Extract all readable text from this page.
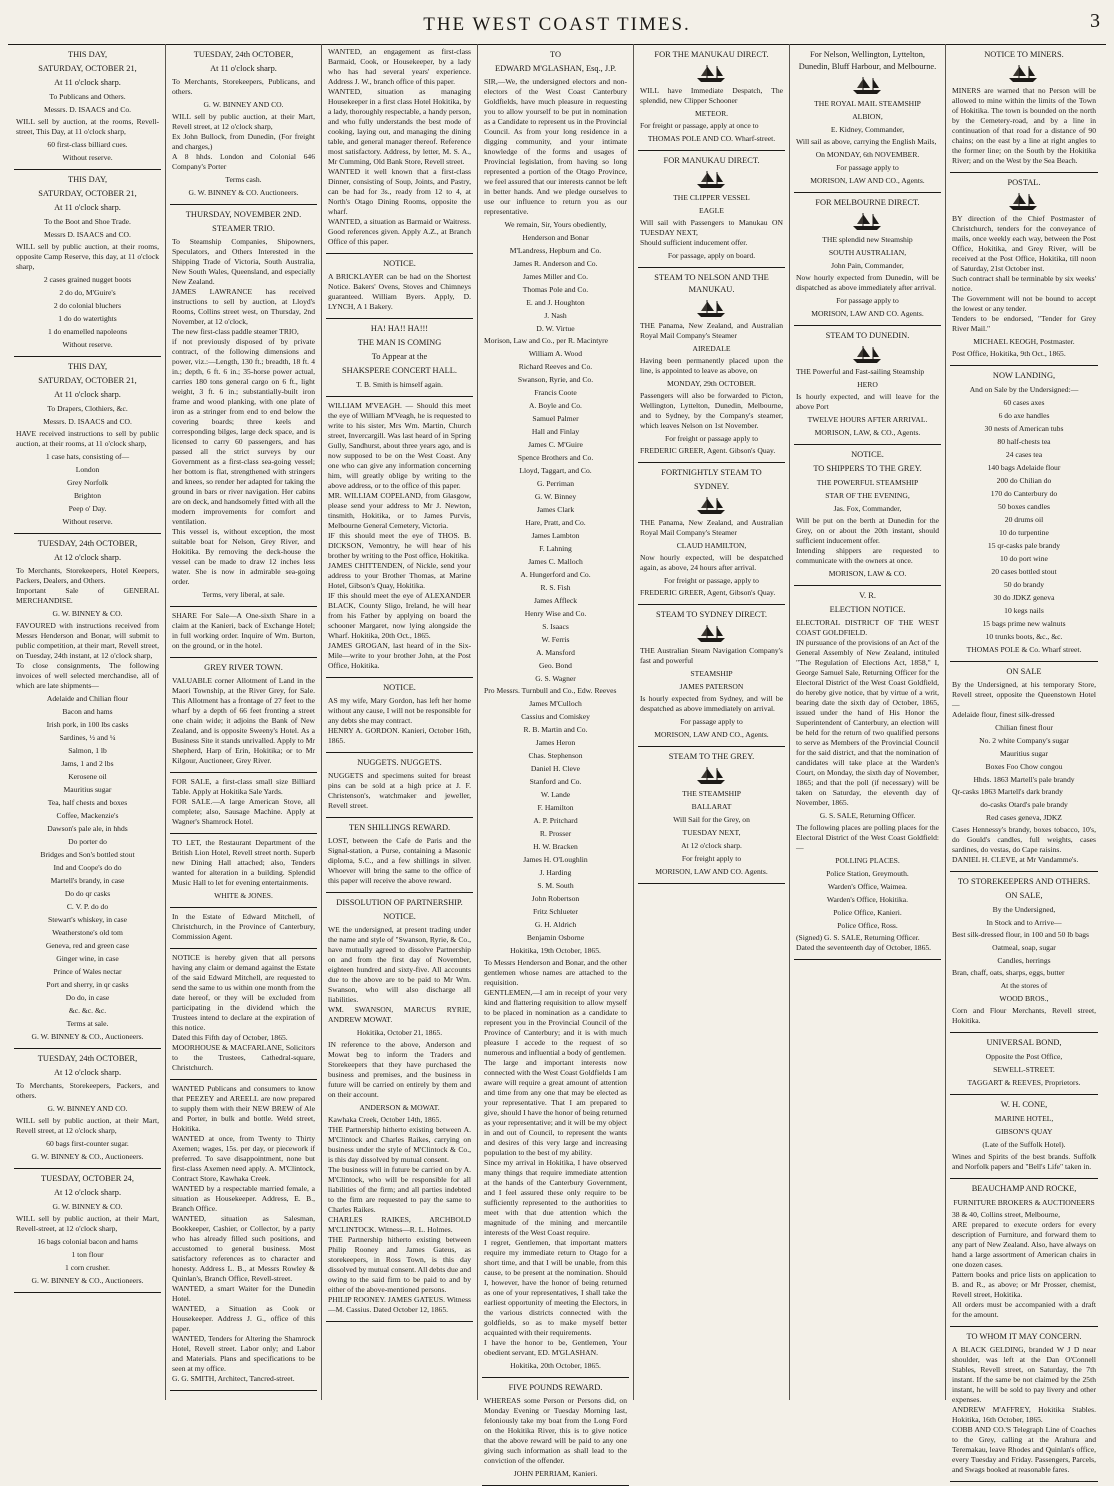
THE WEST COAST TIMES.	3
THIS DAY,
SATURDAY, OCTOBER 21,
At 11 o'clock sharp.
To Publicans and Others.
Messrs. D. ISAACS and Co.
WILL sell by auction, at the rooms, Revell-street, This Day, at 11 o'clock sharp,
60 first-class billiard cues.
Without reserve.
THIS DAY,
SATURDAY, OCTOBER 21,
At 11 o'clock sharp.
To the Boot and Shoe Trade.
Messrs D. ISAACS and CO.
WILL sell by public auction, at their rooms, opposite Camp Reserve, this day, at 11 o'clock sharp,
2 cases grained nugget boots
2 do do, M'Guire's
2 do colonial bluchers
1 do do watertights
1 do enamelled napoleons
Without reserve.
THIS DAY,
SATURDAY, OCTOBER 21,
At 11 o'clock sharp.
To Drapers, Clothiers, &c.
Messrs. D. ISAACS and CO.
HAVE received instructions to sell by public auction, at their rooms, at 11 o'clock sharp,
1 case hats, consisting of—
London
Grey Norfolk
Brighton
Peep o' Day.
Without reserve.
TUESDAY, 24th OCTOBER,
At 12 o'clock sharp.
To Merchants, Storekeepers, Hotel Keepers, Packers, Dealers, and Others.
Important Sale of GENERAL MERCHANDISE.
G. W. BINNEY & CO.
FAVOURED with instructions received from Messrs Henderson and Bonar, will submit to public competition, at their mart, Revell street, on Tuesday, 24th instant, at 12 o'clock sharp,
To close consignments, The following invoices of well selected merchandise, all of which are late shipments—
Adelaide and Chilian flour
Bacon and hams
Irish pork, in 100 lbs casks
Sardines, ½ and ¼
Salmon, 1 lb
Jams, 1 and 2 lbs
Kerosene oil
Mauritius sugar
Tea, half chests and boxes
Coffee, Mackenzie's
Dawson's pale ale, in hhds
Do porter do
Bridges and Son's bottled stout
Ind and Coope's do do
Martell's brandy, in case
Do do qr casks
C. V. P. do do
Stewart's whiskey, in case
Weatherstone's old tom
Geneva, red and green case
Ginger wine, in case
Prince of Wales nectar
Port and sherry, in qr casks
Do do, in case
&c. &c. &c.
Terms at sale.
G. W. BINNEY & CO., Auctioneers.
TUESDAY, 24th OCTOBER,
At 12 o'clock sharp.
To Merchants, Storekeepers, Packers, and others.
G. W. BINNEY AND CO.
WILL sell by public auction, at their Mart, Revell street, at 12 o'clock sharp,
60 bags first-counter sugar.
G. W. BINNEY & CO., Auctioneers.
TUESDAY, OCTOBER 24,
At 12 o'clock sharp.
G. W. BINNEY & CO.
WILL sell by public auction, at their Mart, Revell-street, at 12 o'clock sharp,
16 bags colonial bacon and hams
1 ton flour
1 corn crusher.
G. W. BINNEY & CO., Auctioneers.
TUESDAY, 24th OCTOBER,
At 11 o'clock sharp.
To Merchants, Storekeepers, Publicans, and others.
G. W. BINNEY AND CO.
WILL sell by public auction, at their Mart, Revell street, at 12 o'clock sharp,
Ex John Bullock, from Dunedin, (For freight and charges,)
A 8 hhds. London and Colonial 646 Company's Porter
Terms cash.
G. W. BINNEY & CO. Auctioneers.
THURSDAY, NOVEMBER 2ND.
STEAMER TRIO.
To Steamship Companies, Shipowners, Speculators, and Others Interested in the Shipping Trade of Victoria, South Australia, New South Wales, Queensland, and especially New Zealand.
JAMES LAWRANCE has received instructions to sell by auction, at Lloyd's Rooms, Collins street west, on Thursday, 2nd November, at 12 o'clock,
The new first-class paddle steamer TRIO,
if not previously disposed of by private contract, of the following dimensions and power, viz.:—Length, 130 ft.; breadth, 18 ft. 4 in.; depth, 6 ft. 6 in.; 35-horse power actual, carries 180 tons general cargo on 6 ft., light weight, 3 ft. 6 in.; substantially-built iron frame and wood planking, with one plate of iron as a stringer from end to end below the covering boards; three keels and corresponding bilges, large deck space, and is licensed to carry 60 passengers, and has passed all the strict surveys by our Government as a first-class sea-going vessel; her bottom is flat, strengthened with stringers and knees, so render her adapted for taking the ground in bars or river navigation. Her cabins are on deck, and handsomely fitted with all the modern improvements for comfort and ventilation.
This vessel is, without exception, the most suitable boat for Nelson, Grey River, and Hokitika. By removing the deck-house the vessel can be made to draw 12 inches less water. She is now in admirable sea-going order.
Terms, very liberal, at sale.
SHARE For Sale—A One-sixth Share in a claim at the Kanieri, back of Exchange Hotel; in full working order. Inquire of Wm. Burton, on the ground, or in the hotel.
GREY RIVER TOWN.
VALUABLE corner Allotment of Land in the Maori Township, at the River Grey, for Sale. This Allotment has a frontage of 27 feet to the wharf by a depth of 66 feet fronting a street one chain wide; it adjoins the Bank of New Zealand, and is opposite Sweeny's Hotel. As a Business Site it stands unrivalled. Apply to Mr Shepherd, Harp of Erin, Hokitika; or to Mr Kilgour, Auctioneer, Grey River.
FOR SALE, a first-class small size Billiard Table. Apply at Hokitika Sale Yards.
FOR SALE.—A large American Stove, all complete; also, Sausage Machine. Apply at Wagner's Shamrock Hotel.
TO LET, the Restaurant Department of the British Lion Hotel, Revell street north. Superb new Dining Hall attached; also, Tenders wanted for alteration in a building. Splendid Music Hall to let for evening entertainments.
WHITE & JONES.
In the Estate of Edward Mitchell, of Christchurch, in the Province of Canterbury, Commission Agent.
NOTICE is hereby given that all persons having any claim or demand against the Estate of the said Edward Mitchell, are requested to send the same to us within one month from the date hereof, or they will be excluded from participating in the dividend which the Trustees intend to declare at the expiration of this notice.
Dated this Fifth day of October, 1865.
MOORHOUSE & MACFARLANE, Solicitors to the Trustees, Cathedral-square, Christchurch.
WANTED Publicans and consumers to know that PEEZEY and AREELL are now prepared to supply them with their NEW BREW of Ale and Porter, in bulk and bottle. Weld street, Hokitika.
WANTED at once, from Twenty to Thirty Axemen; wages, 15s. per day, or piecework if preferred. To save disappointment, none but first-class Axemen need apply. A. M'Clintock, Contract Store, Kawhaka Creek.
WANTED by a respectable married female, a situation as Housekeeper. Address, E. B., Branch Office.
WANTED, situation as Salesman, Bookkeeper, Cashier, or Collector, by a party who has already filled such positions, and accustomed to general business. Most satisfactory references as to character and honesty. Address L. B., at Messrs Rowley & Quinlan's, Branch Office, Revell-street.
WANTED, a smart Waiter for the Dunedin Hotel.
WANTED, a Situation as Cook or Housekeeper. Address J. G., office of this paper.
WANTED, Tenders for Altering the Shamrock Hotel, Revell street. Labor only; and Labor and Materials. Plans and specifications to be seen at my office.
G. G. SMITH, Architect, Tancred-street.
WANTED, an engagement as first-class Barmaid, Cook, or Housekeeper, by a lady who has had several years' experience. Address J. W., branch office of this paper.
WANTED, situation as managing Housekeeper in a first class Hotel Hokitika, by a lady, thoroughly respectable, a handy person, and who fully understands the best mode of cooking, laying out, and managing the dining table, and general manager thereof. Reference most satisfactory. Address, by letter, M. S. A., Mr Cumming, Old Bank Store, Revell street.
WANTED it well known that a first-class Dinner, consisting of Soup, Joints, and Pastry, can be had for 3s., ready from 12 to 4, at North's Otago Dining Rooms, opposite the wharf.
WANTED, a situation as Barmaid or Waitress. Good references given. Apply A.Z., at Branch Office of this paper.
NOTICE.
A BRICKLAYER can be had on the Shortest Notice. Bakers' Ovens, Stoves and Chimneys guaranteed. William Byers. Apply, D. LYNCH, A 1 Bakery.
HA! HA!! HA!!!
THE MAN IS COMING
To Appear at the
SHAKSPERE CONCERT HALL.
T. B. Smith is himself again.
WILLIAM M'VEAGH. — Should this meet the eye of William M'Veagh, he is requested to write to his sister, Mrs Wm. Martin, Church street, Invercargill. Was last heard of in Spring Gully, Sandhurst, about three years ago, and is now supposed to be on the West Coast. Any one who can give any information concerning him, will greatly oblige by writing to the above address, or to the office of this paper.
MR. WILLIAM COPELAND, from Glasgow, please send your address to Mr J. Newton, tinsmith, Hokitika, or to James Purvis, Melbourne General Cemetery, Victoria.
IF this should meet the eye of THOS. B. DICKSON, Vemontry, he will hear of his brother by writing to the Post office, Hokitika.
JAMES CHITTENDEN, of Nickle, send your address to your Brother Thomas, at Marine Hotel, Gibson's Quay, Hokitika.
IF this should meet the eye of ALEXANDER BLACK, County Sligo, Ireland, he will hear from his Father by applying on board the schooner Margaret, now lying alongside the Wharf. Hokitika, 20th Oct., 1865.
JAMES GROGAN, last heard of in the Six-Mile—write to your brother John, at the Post Office, Hokitika.
NOTICE.
AS my wife, Mary Gordon, has left her home without any cause, I will not be responsible for any debts she may contract.
HENRY A. GORDON. Kanieri, October 16th, 1865.
NUGGETS. NUGGETS.
NUGGETS and specimens suited for breast pins can be sold at a high price at J. F. Christenson's, watchmaker and jeweller, Revell street.
TEN SHILLINGS REWARD.
LOST, between the Cafe de Paris and the Signal-station, a Purse, containing a Masonic diploma, S.C., and a few shillings in silver. Whoever will bring the same to the office of this paper will receive the above reward.
DISSOLUTION OF PARTNERSHIP.
NOTICE.
WE the undersigned, at present trading under the name and style of "Swanson, Ryrie, & Co., have mutually agreed to dissolve Partnership on and from the first day of November, eighteen hundred and sixty-five. All accounts due to the above are to be paid to Mr Wm. Swanson, who will also discharge all liabilities.
WM. SWANSON, MARCUS RYRIE, ANDREW MOWAT.
Hokitika, October 21, 1865.
IN reference to the above, Anderson and Mowat beg to inform the Traders and Storekeepers that they have purchased the business and premises, and the business in future will be carried on entirely by them and on their account.
ANDERSON & MOWAT.
Kawhaka Creek, October 14th, 1865.
THE Partnership hitherto existing between A. M'Clintock and Charles Raikes, carrying on business under the style of M'Clintock & Co., is this day dissolved by mutual consent.
The business will in future be carried on by A. M'Clintock, who will be responsible for all liabilities of the firm; and all parties indebted to the firm are requested to pay the same to Charles Raikes.
CHARLES RAIKES, ARCHBOLD M'CLINTOCK. Witness—R. L. Holmes.
THE Partnership hitherto existing between Philip Rooney and James Gateus, as storekeepers, in Ross Town, is this day dissolved by mutual consent. All debts due and owing to the said firm to be paid to and by either of the above-mentioned persons.
PHILIP ROONEY. JAMES GATEUS. Witness—M. Cassius. Dated October 12, 1865.
TO
EDWARD M'GLASHAN, Esq., J.P.
SIR,—We, the undersigned electors and non-electors of the West Coast Canterbury Goldfields, have much pleasure in requesting you to allow yourself to be put in nomination as a Candidate to represent us in the Provincial Council. As from your long residence in a digging community, and your intimate knowledge of the forms and usages of Provincial legislation, from having so long represented a portion of the Otago Province, we feel assured that our interests cannot be left in better hands. And we pledge ourselves to use our influence to return you as our representative.
We remain, Sir, Yours obediently,
Henderson and Bonar
M'Landress, Hepburn and Co.
James R. Anderson and Co.
James Miller and Co.
Thomas Pole and Co.
E. and J. Houghton
J. Nash
D. W. Virtue
Morison, Law and Co., per R. Macintyre
William A. Wood
Richard Reeves and Co.
Swanson, Ryrie, and Co.
Francis Coote
A. Boyle and Co.
Samuel Palmer
Hall and Finlay
James C. M'Guire
Spence Brothers and Co.
Lloyd, Taggart, and Co.
G. Perriman
G. W. Binney
James Clark
Hare, Pratt, and Co.
James Lambton
F. Lahning
James C. Malloch
A. Hungerford and Co.
R. S. Fish
James Affleck
Henry Wise and Co.
S. Isaacs
W. Ferris
A. Mansford
Geo. Bond
G. S. Wagner
Pro Messrs. Turnbull and Co., Edw. Reeves
James M'Culloch
Cassius and Comiskey
R. B. Martin and Co.
James Heron
Chas. Stephenson
Daniel H. Cleve
Stanford and Co.
W. Lande
F. Hamilton
A. P. Pritchard
R. Prosser
H. W. Bracken
James H. O'Loughlin
J. Harding
S. M. South
John Robertson
Fritz Schlueter
G. H. Aldrich
Benjamin Osborne
Hokitika, 19th October, 1865.
To Messrs Henderson and Bonar, and the other gentlemen whose names are attached to the requisition.
GENTLEMEN,—I am in receipt of your very kind and flattering requisition to allow myself to be placed in nomination as a candidate to represent you in the Provincial Council of the Province of Canterbury; and it is with much pleasure I accede to the request of so numerous and influential a body of gentlemen.
The large and important interests now connected with the West Coast Goldfields I am aware will require a great amount of attention and time from any one that may be elected as your representative. That I am prepared to give, should I have the honor of being returned as your representative; and it will be my object in and out of Council, to represent the wants and desires of this very large and increasing population to the best of my ability.
Since my arrival in Hokitika, I have observed many things that require immediate attention at the hands of the Canterbury Government, and I feel assured these only require to be sufficiently represented to the authorities to meet with that due attention which the magnitude of the mining and mercantile interests of the West Coast require.
I regret, Gentlemen, that important matters require my immediate return to Otago for a short time, and that I will be unable, from this cause, to be present at the nomination. Should I, however, have the honor of being returned as one of your representatives, I shall take the earliest opportunity of meeting the Electors, in the various districts connected with the goldfields, so as to make myself better acquainted with their requirements.
I have the honor to be, Gentlemen, Your obedient servant, ED. M'GLASHAN.
Hokitika, 20th October, 1865.
FIVE POUNDS REWARD.
WHEREAS some Person or Persons did, on Monday Evening or Tuesday Morning last, feloniously take my boat from the Long Ford on the Hokitika River, this is to give notice that the above reward will be paid to any one giving such information as shall lead to the conviction of the offender.
JOHN PERRIAM, Kanieri.
FOR THE MANUKAU DIRECT.
WILL have Immediate Despatch, The splendid, new Clipper Schooner
METEOR.
For freight or passage, apply at once to
THOMAS POLE AND CO. Wharf-street.
FOR MANUKAU DIRECT.
THE CLIPPER VESSEL
EAGLE
Will sail with Passengers to Manukau ON TUESDAY NEXT,
Should sufficient inducement offer.
For passage, apply on board.
STEAM TO NELSON AND THE MANUKAU.
THE Panama, New Zealand, and Australian Royal Mail Company's Steamer
AIREDALE
Having been permanently placed upon the line, is appointed to leave as above, on
MONDAY, 29th OCTOBER.
Passengers will also be forwarded to Picton, Wellington, Lyttelton, Dunedin, Melbourne, and to Sydney, by the Company's steamer, which leaves Nelson on 1st November.
For freight or passage apply to
FREDERIC GREER, Agent. Gibson's Quay.
FORTNIGHTLY STEAM TO
SYDNEY.
THE Panama, New Zealand, and Australian Royal Mail Company's Steamer
CLAUD HAMILTON,
Now hourly expected, will be despatched again, as above, 24 hours after arrival.
For freight or passage, apply to
FREDERIC GREER, Agent, Gibson's Quay.
STEAM TO SYDNEY DIRECT.
THE Australian Steam Navigation Company's fast and powerful
STEAMSHIP
JAMES PATERSON
Is hourly expected from Sydney, and will be despatched as above immediately on arrival.
For passage apply to
MORISON, LAW AND CO., Agents.
STEAM TO THE GREY.
THE STEAMSHIP
BALLARAT
Will Sail for the Grey, on
TUESDAY NEXT,
At 12 o'clock sharp.
For freight apply to
MORISON, LAW AND CO. Agents.
For Nelson, Wellington, Lyttelton, Dunedin, Bluff Harbour, and Melbourne.
THE ROYAL MAIL STEAMSHIP
ALBION,
E. Kidney, Commander,
Will sail as above, carrying the English Mails,
On MONDAY, 6th NOVEMBER.
For passage apply to
MORISON, LAW AND CO., Agents.
FOR MELBOURNE DIRECT.
THE splendid new Steamship
SOUTH AUSTRALIAN,
John Pain, Commander,
Now hourly expected from Dunedin, will be dispatched as above immediately after arrival.
For passage apply to
MORISON, LAW AND CO. Agents.
STEAM TO DUNEDIN.
THE Powerful and Fast-sailing Steamship
HERO
Is hourly expected, and will leave for the above Port
TWELVE HOURS AFTER ARRIVAL.
MORISON, LAW, & CO., Agents.
NOTICE.
TO SHIPPERS TO THE GREY.
THE POWERFUL STEAMSHIP
STAR OF THE EVENING,
Jas. Fox, Commander,
Will be put on the berth at Dunedin for the Grey, on or about the 20th instant, should sufficient inducement offer.
Intending shippers are requested to communicate with the owners at once.
MORISON, LAW & CO.
V. R.
ELECTION NOTICE.
ELECTORAL DISTRICT OF THE WEST COAST GOLDFIELD.
IN pursuance of the provisions of an Act of the General Assembly of New Zealand, intituled "The Regulation of Elections Act, 1858," I, George Samuel Sale, Returning Officer for the Electoral District of the West Coast Goldfield, do hereby give notice, that by virtue of a writ, bearing date the sixth day of October, 1865, issued under the hand of His Honor the Superintendent of Canterbury, an election will be held for the return of two qualified persons to serve as Members of the Provincial Council for the said district, and that the nomination of candidates will take place at the Warden's Court, on Monday, the sixth day of November, 1865; and that the poll (if necessary) will be taken on Saturday, the eleventh day of November, 1865.
G. S. SALE, Returning Officer.
The following places are polling places for the Electoral District of the West Coast Goldfield:—
POLLING PLACES.
Police Station, Greymouth.
Warden's Office, Waimea.
Warden's Office, Hokitika.
Police Office, Kanieri.
Police Office, Ross.
(Signed) G. S. SALE, Returning Officer.
Dated the seventeenth day of October, 1865.
NOTICE TO MINERS.
MINERS are warned that no Person will be allowed to mine within the limits of the Town of Hokitika. The town is bounded on the north by the Cemetery-road, and by a line in continuation of that road for a distance of 90 chains; on the east by a line at right angles to the former line; on the South by the Hokitika River; and on the West by the Sea Beach.
POSTAL.
BY direction of the Chief Postmaster of Christchurch, tenders for the conveyance of mails, once weekly each way, between the Post Office, Hokitika, and Grey River, will be received at the Post Office, Hokitika, till noon of Saturday, 21st October inst.
Such contract shall be terminable by six weeks' notice.
The Government will not be bound to accept the lowest or any tender.
Tenders to be endorsed, "Tender for Grey River Mail."
MICHAEL KEOGH, Postmaster.
Post Office, Hokitika, 9th Oct., 1865.
NOW LANDING,
And on Sale by the Undersigned:—
60 cases axes
6 do axe handles
30 nests of American tubs
80 half-chests tea
24 cases tea
140 bags Adelaide flour
200 do Chilian do
170 do Canterbury do
50 boxes candles
20 drums oil
10 do turpentine
15 qr-casks pale brandy
10 do port wine
20 cases bottled stout
50 do brandy
30 do JDKZ geneva
10 kegs nails
15 bags prime new walnuts
10 trunks boots, &c., &c.
THOMAS POLE & Co. Wharf street.
ON SALE
By the Undersigned, at his temporary Store, Revell street, opposite the Queenstown Hotel—
Adelaide flour, finest silk-dressed
Chilian finest flour
No. 2 white Company's sugar
Mauritius sugar
Boxes Foo Chow congou
Hhds. 1863 Martell's pale brandy
Qr-casks 1863 Martell's dark brandy
do-casks Otard's pale brandy
Red cases geneva, JDKZ
Cases Hennessy's brandy, boxes tobacco, 10's, do Gould's candles, full weights, cases sardines, do vestas, do Cape raisins.
DANIEL H. CLEVE, at Mr Vandamme's.
TO STOREKEEPERS AND OTHERS.
ON SALE,
By the Undersigned,
In Stock and to Arrive—
Best silk-dressed flour, in 100 and 50 lb bags
Oatmeal, soap, sugar
Candles, herrings
Bran, chaff, oats, sharps, eggs, butter
At the stores of
WOOD BROS.,
Corn and Flour Merchants, Revell street, Hokitika.
UNIVERSAL BOND,
Opposite the Post Office,
SEWELL-STREET.
TAGGART & REEVES, Proprietors.
W. H. CONE,
MARINE HOTEL,
GIBSON'S QUAY
(Late of the Suffolk Hotel).
Wines and Spirits of the best brands. Suffolk and Norfolk papers and "Bell's Life" taken in.
BEAUCHAMP AND ROCKE,
FURNITURE BROKERS & AUCTIONEERS
38 & 40, Collins street, Melbourne,
ARE prepared to execute orders for every description of Furniture, and forward them to any part of New Zealand. Also, have always on hand a large assortment of American chairs in one dozen cases.
Pattern books and price lists on application to B. and R., as above; or Mr Prosser, chemist, Revell street, Hokitika.
All orders must be accompanied with a draft for the amount.
TO WHOM IT MAY CONCERN.
A BLACK GELDING, branded W J D near shoulder, was left at the Dan O'Connell Stables, Revell street, on Saturday, the 7th instant. If the same be not claimed by the 25th instant, he will be sold to pay livery and other expenses.
ANDREW M'AFFREY, Hokitika Stables. Hokitika, 16th October, 1865.
COBB AND CO.'S Telegraph Line of Coaches to the Grey, calling at the Arahura and Teremakau, leave Rhodes and Quinlan's office, every Tuesday and Friday. Passengers, Parcels, and Swags booked at reasonable fares.
